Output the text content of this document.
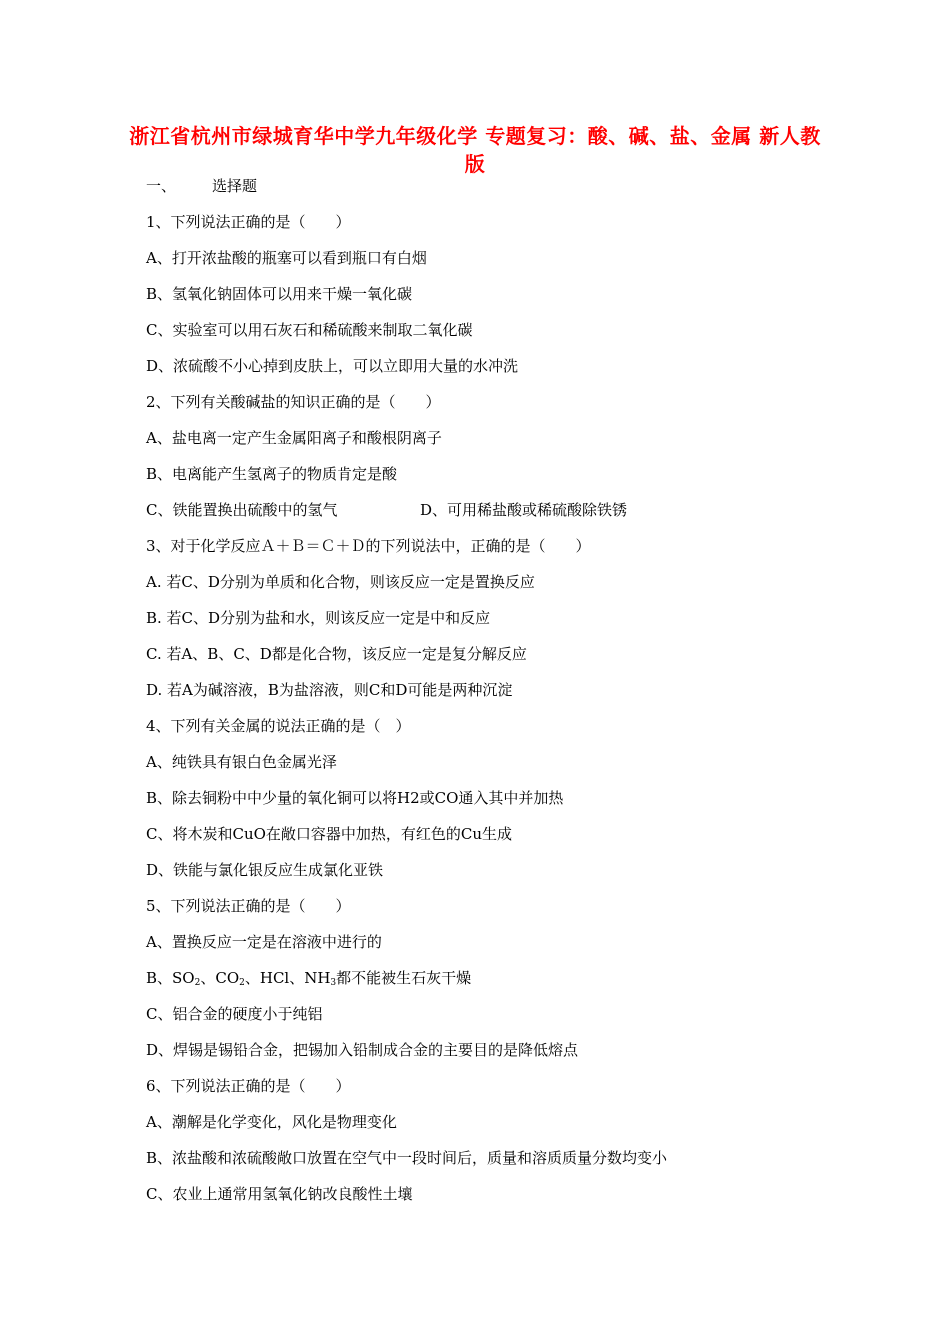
浙江省杭州市绿城育华中学九年级化学 专题复习：酸、碱、盐、金属 新人教版
一、 选择题
1、下列说法正确的是（　　）
A、打开浓盐酸的瓶塞可以看到瓶口有白烟
B、氢氧化钠固体可以用来干燥一氧化碳
C、实验室可以用石灰石和稀硫酸来制取二氧化碳
D、浓硫酸不小心掉到皮肤上，可以立即用大量的水冲洗
2、下列有关酸碱盐的知识正确的是（　　）
A、盐电离一定产生金属阳离子和酸根阴离子
B、电离能产生氢离子的物质肯定是酸
C、铁能置换出硫酸中的氢气	D、可用稀盐酸或稀硫酸除铁锈
3、对于化学反应Ａ＋Ｂ＝Ｃ＋Ｄ的下列说法中，正确的是（　　）
A. 若C、D分别为单质和化合物，则该反应一定是置换反应
B. 若C、D分别为盐和水，则该反应一定是中和反应
C. 若A、B、C、D都是化合物，该反应一定是复分解反应
D. 若A为碱溶液，B为盐溶液，则C和D可能是两种沉淀
4、下列有关金属的说法正确的是（　）
A、纯铁具有银白色金属光泽
B、除去铜粉中中少量的氧化铜可以将H2或CO通入其中并加热
C、将木炭和CuO在敞口容器中加热，有红色的Cu生成
D、铁能与氯化银反应生成氯化亚铁
5、下列说法正确的是（　　）
A、置换反应一定是在溶液中进行的
B、$SO_2$、$CO_2$、HCl、$NH_3$都不能被生石灰干燥
C、铝合金的硬度小于纯铝
D、焊锡是锡铅合金，把锡加入铅制成合金的主要目的是降低熔点
6、下列说法正确的是（　　）
A、潮解是化学变化，风化是物理变化
B、浓盐酸和浓硫酸敞口放置在空气中一段时间后，质量和溶质质量分数均变小
C、农业上通常用氢氧化钠改良酸性土壤
